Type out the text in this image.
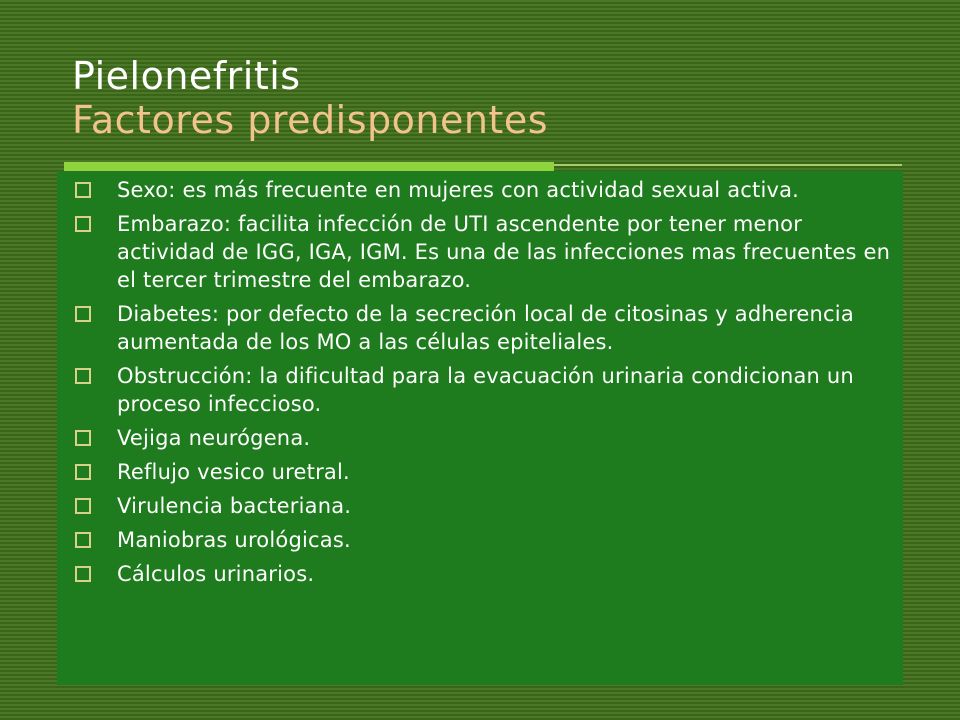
Pielonefritis
Factores predisponentes
Sexo: es más frecuente en mujeres con actividad sexual activa.
Embarazo: facilita infección de UTI ascendente por tener menor actividad de IGG, IGA, IGM. Es una de las infecciones mas frecuentes en el tercer trimestre del embarazo.
Diabetes: por defecto de la secreción local de citosinas y adherencia aumentada de los MO a las células epiteliales.
Obstrucción: la dificultad para la evacuación urinaria condicionan un proceso infeccioso.
Vejiga neurógena.
Reflujo vesico uretral.
Virulencia bacteriana.
Maniobras urológicas.
Cálculos urinarios.
